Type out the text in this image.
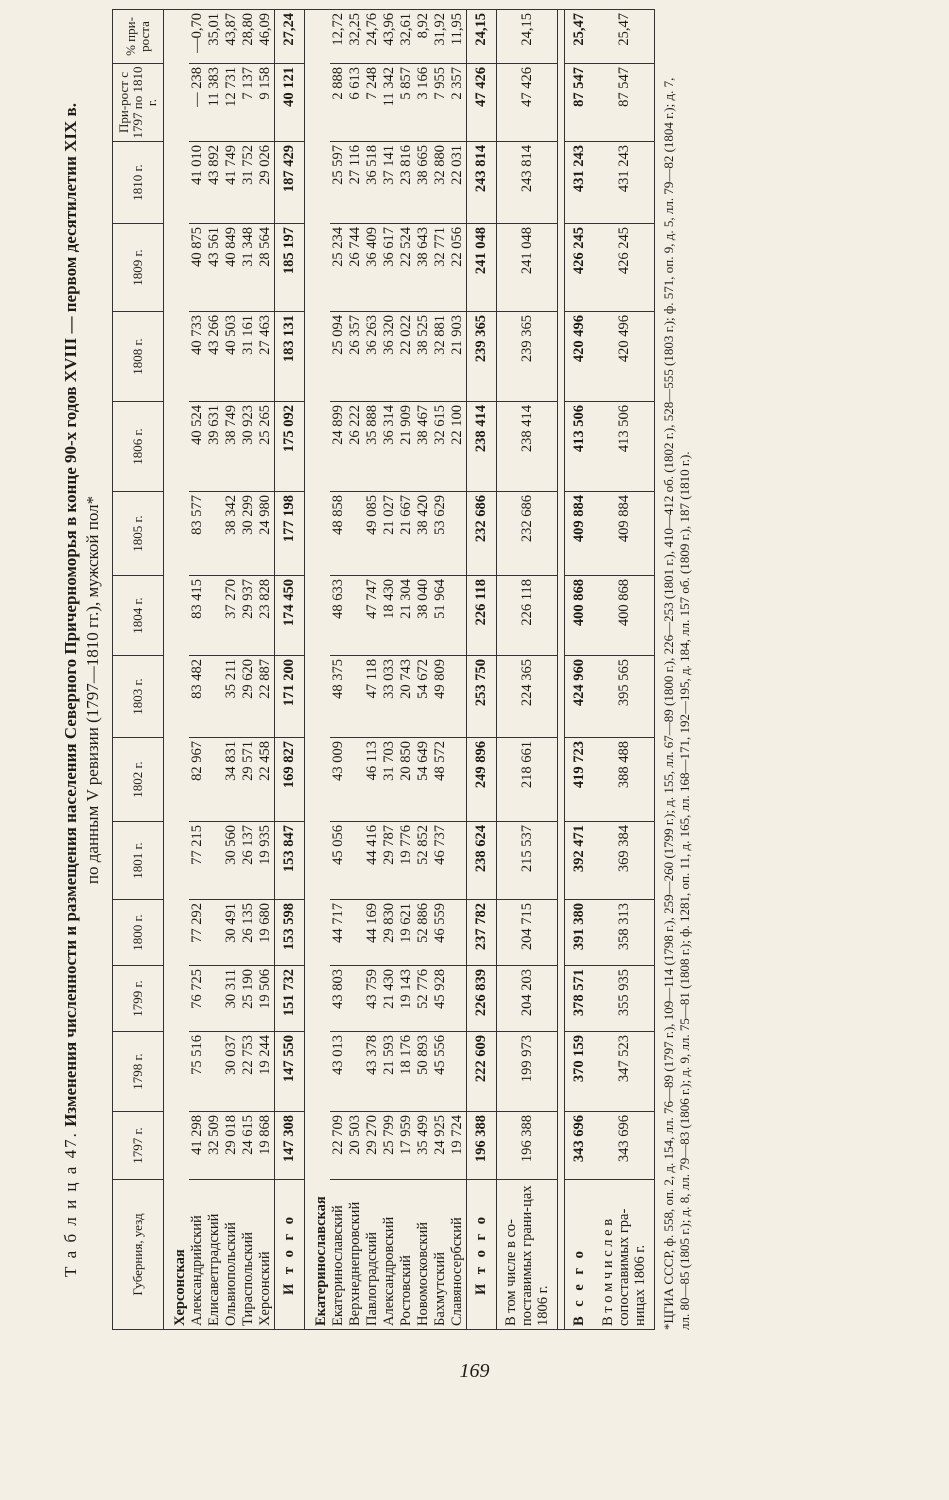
Т а б л и ц а 47. Изменения численности и размещения населения Северного Причерноморья в конце 90-х годов XVIII — первом десятилетии XIX в. по данным V ревизии (1797—1810 гг.), мужской пол*
Губерния, уезд	1797 г.	1798 г.	1799 г.	1800 г.	1801 г.	1802 г.	1803 г.	1804 г.	1805 г.	1806 г.	1808 г.	1809 г.	1810 г.	При-рост с 1797 по 1810 г.	% при-роста
Херсонская															
Александрийский	41 298	75 516	76 725	77 292	77 215	82 967	83 482	83 415	83 577	40 524	40 733	40 875	41 010	— 238	—0,70
Елисаветградский	32 509									39 631	43 266	43 561	43 892	11 383	35,01
Ольвиопольский	29 018	30 037	30 311	30 491	30 560	34 831	35 211	37 270	38 342	38 749	40 503	40 849	41 749	12 731	43,87
Тираспольский	24 615	22 753	25 190	26 135	26 137	29 571	29 620	29 937	30 299	30 923	31 161	31 348	31 752	7 137	28,80
Херсонский	19 868	19 244	19 506	19 680	19 935	22 458	22 887	23 828	24 980	25 265	27 463	28 564	29 026	9 158	46,09
И т о г о	147 308	147 550	151 732	153 598	153 847	169 827	171 200	174 450	177 198	175 092	183 131	185 197	187 429	40 121	27,24
Екатеринославская															
Екатеринославский	22 709	43 013	43 803	44 717	45 056	43 009	48 375	48 633	48 858	24 899	25 094	25 234	25 597	2 888	12,72
Верхнеднепровский	20 503									26 222	26 357	26 744	27 116	6 613	32,25
Павлоградский	29 270	43 378	43 759	44 169	44 416	46 113	47 118	47 747	49 085	35 888	36 263	36 409	36 518	7 248	24,76
Александровский	25 799	21 593	21 430	29 830	29 787	31 703	33 033	18 430	21 027	36 314	36 320	36 617	37 141	11 342	43,96
Ростовский	17 959	18 176	19 143	19 621	19 776	20 850	20 743	21 304	21 667	21 909	22 022	22 524	23 816	5 857	32,61
Новомосковский	35 499	50 893	52 776	52 886	52 852	54 649	54 672	38 040	38 420	38 467	38 525	38 643	38 665	3 166	8,92
Бахмутский	24 925	45 556	45 928	46 559	46 737	48 572	49 809	51 964	53 629	32 615	32 881	32 771	32 880	7 955	31,92
Славяносербский	19 724									22 100	21 903	22 056	22 031	2 357	11,95
И т о г о	196 388	222 609	226 839	237 782	238 624	249 896	253 750	226 118	232 686	238 414	239 365	241 048	243 814	47 426	24,15
В том числе в со-поставимых грани-цах 1806 г.	196 388	199 973	204 203	204 715	215 537	218 661	224 365	226 118	232 686	238 414	239 365	241 048	243 814	47 426	24,15

В с е г о	343 696	370 159	378 571	391 380	392 471	419 723	424 960	400 868	409 884	413 506	420 496	426 245	431 243	87 547	25,47
В т о м ч и с л е в сопоставимых гра-ницах 1806 г.	343 696	347 523	355 935	358 313	369 384	388 488	395 565	400 868	409 884	413 506	420 496	426 245	431 243	87 547	25,47
*ЦГИА СССР, ф. 558, оп. 2, д. 154, лл. 76—89 (1797 г.), 109—114 (1798 г.), 259—260 (1799 г.); д. 155, лл. 67—89 (1800 г.), 226—253 (1801 г.), 410—412 об. (1802 г.), 528—555 (1803 г.); ф. 571, оп. 9, д. 5, лл. 79—82 (1804 г.); д. 7, лл. 80—85 (1805 г.); д. 8, лл. 79—83 (1806 г.); д. 9, лл. 75—81 (1808 г.); ф. 1281, оп. 11, д. 165, лл. 168—171, 192—195, д. 184, лл. 157 об. (1809 г.), 187 (1810 г.).
169
